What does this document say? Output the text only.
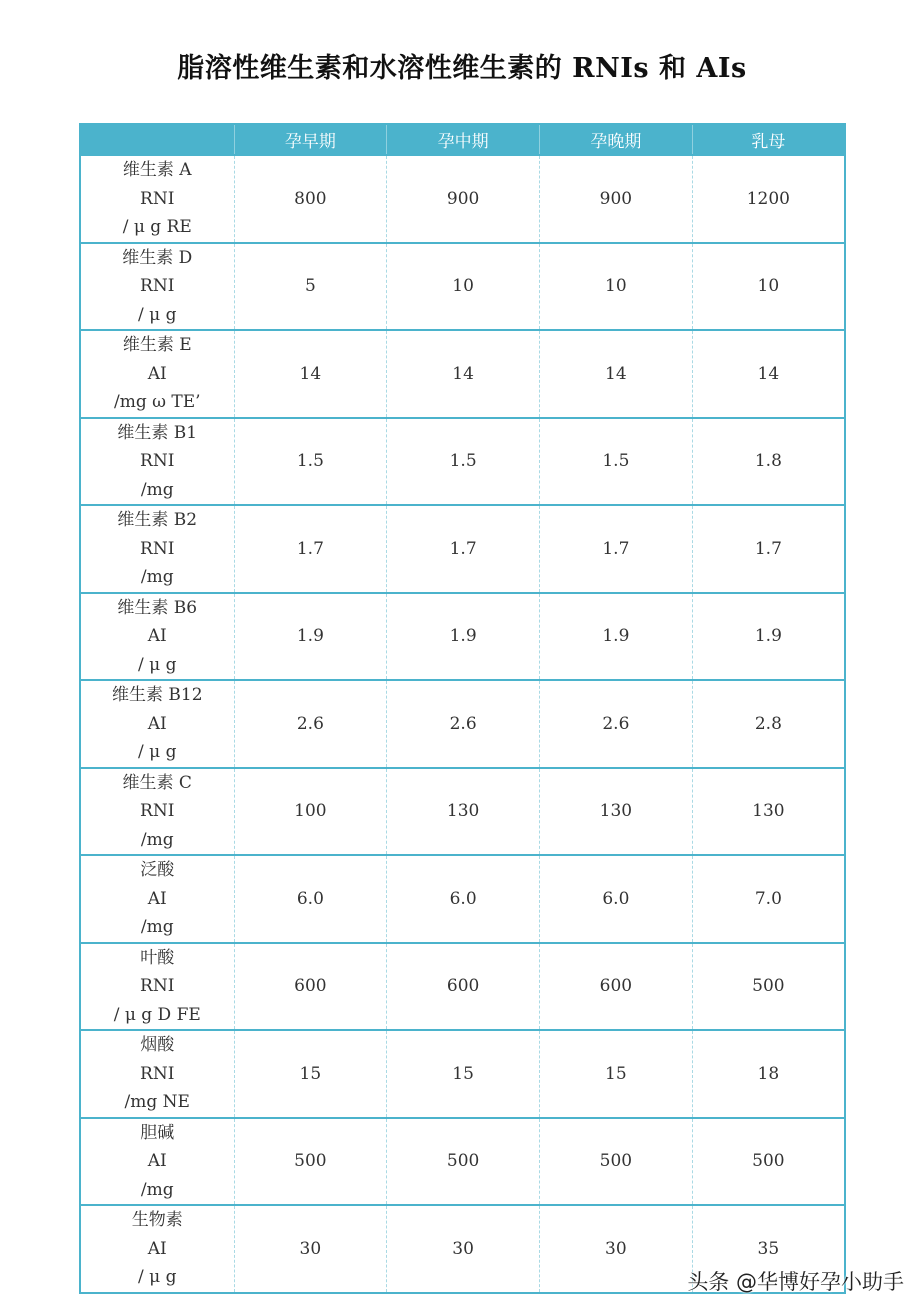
脂溶性维生素和水溶性维生素的 RNIs 和 AIs
	孕早期	孕中期	孕晚期	乳母

维生素 A
RNI
/ μ g RE	800	900	900	1200

维生素 D
RNI
/ μ g	5	10	10	10

维生素 E
AI
/mg ω TE’	14	14	14	14

维生素 B1
RNI
/mg	1.5	1.5	1.5	1.8

维生素 B2
RNI
/mg	1.7	1.7	1.7	1.7

维生素 B6
AI
/ μ g	1.9	1.9	1.9	1.9

维生素 B12
AI
/ μ g	2.6	2.6	2.6	2.8

维生素 C
RNI
/mg	100	130	130	130

泛酸
AI
/mg	6.0	6.0	6.0	7.0

叶酸
RNI
/ μ g D FE	600	600	600	500

烟酸
RNI
/mg NE	15	15	15	18

胆碱
AI
/mg	500	500	500	500

生物素
AI
/ μ g	30	30	30	35
头条 @华博好孕小助手
